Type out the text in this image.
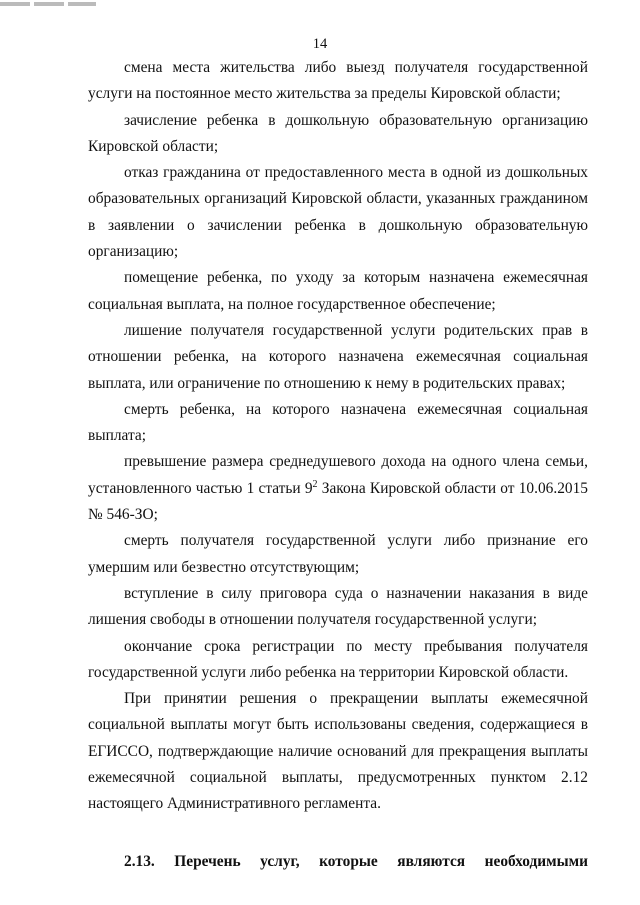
14

смена места жительства либо выезд получателя государственной услуги на постоянное место жительства за пределы Кировской области;

зачисление ребенка в дошкольную образовательную организацию Кировской области;

отказ гражданина от предоставленного места в одной из дошкольных образовательных организаций Кировской области, указанных гражданином в заявлении о зачислении ребенка в дошкольную образовательную организацию;

помещение ребенка, по уходу за которым назначена ежемесячная социальная выплата, на полное государственное обеспечение;

лишение получателя государственной услуги родительских прав в отношении ребенка, на которого назначена ежемесячная социальная выплата, или ограничение по отношению к нему в родительских правах;

смерть ребенка, на которого назначена ежемесячная социальная выплата;

превышение размера среднедушевого дохода на одного члена семьи, установленного частью 1 статьи $9^2$ Закона Кировской области от 10.06.2015 № 546-ЗО;

смерть получателя государственной услуги либо признание его умершим или безвестно отсутствующим;

вступление в силу приговора суда о назначении наказания в виде лишения свободы в отношении получателя государственной услуги;

окончание срока регистрации по месту пребывания получателя государственной услуги либо ребенка на территории Кировской области.

При принятии решения о прекращении выплаты ежемесячной социальной выплаты могут быть использованы сведения, содержащиеся в ЕГИССО, подтверждающие наличие оснований для прекращения выплаты ежемесячной социальной выплаты, предусмотренных пунктом 2.12 настоящего Административного регламента.

2.13. Перечень услуг, которые являются необходимыми
